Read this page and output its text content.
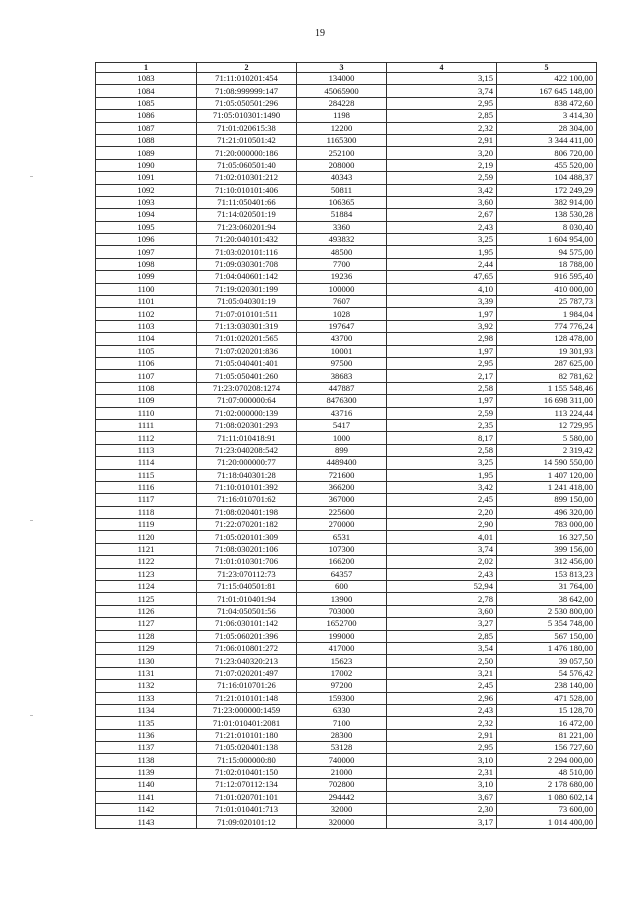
19
1	2	3	4	5
1083	71:11:010201:454	134000	3,15	422 100,00
1084	71:08:999999:147	45065900	3,74	167 645 148,00
1085	71:05:050501:296	284228	2,95	838 472,60
1086	71:05:010301:1490	1198	2,85	3 414,30
1087	71:01:020615:38	12200	2,32	28 304,00
1088	71:21:010501:42	1165300	2,91	3 344 411,00
1089	71:20:000000:186	252100	3,20	806 720,00
1090	71:05:060501:40	208000	2,19	455 520,00
1091	71:02:010301:212	40343	2,59	104 488,37
1092	71:10:010101:406	50811	3,42	172 249,29
1093	71:11:050401:66	106365	3,60	382 914,00
1094	71:14:020501:19	51884	2,67	138 530,28
1095	71:23:060201:94	3360	2,43	8 030,40
1096	71:20:040101:432	493832	3,25	1 604 954,00
1097	71:03:020101:116	48500	1,95	94 575,00
1098	71:09:030301:708	7700	2,44	18 788,00
1099	71:04:040601:142	19236	47,65	916 595,40
1100	71:19:020301:199	100000	4,10	410 000,00
1101	71:05:040301:19	7607	3,39	25 787,73
1102	71:07:010101:511	1028	1,97	1 984,04
1103	71:13:030301:319	197647	3,92	774 776,24
1104	71:01:020201:565	43700	2,98	128 478,00
1105	71:07:020201:836	10001	1,97	19 301,93
1106	71:05:040401:401	97500	2,95	287 625,00
1107	71:05:050401:260	38683	2,17	82 781,62
1108	71:23:070208:1274	447887	2,58	1 155 548,46
1109	71:07:000000:64	8476300	1,97	16 698 311,00
1110	71:02:000000:139	43716	2,59	113 224,44
1111	71:08:020301:293	5417	2,35	12 729,95
1112	71:11:010418:91	1000	8,17	5 580,00
1113	71:23:040208:542	899	2,58	2 319,42
1114	71:20:000000:77	4489400	3,25	14 590 550,00
1115	71:18:040301:28	721600	1,95	1 407 120,00
1116	71:10:010101:392	366200	3,42	1 241 418,00
1117	71:16:010701:62	367000	2,45	899 150,00
1118	71:08:020401:198	225600	2,20	496 320,00
1119	71:22:070201:182	270000	2,90	783 000,00
1120	71:05:020101:309	6531	4,01	16 327,50
1121	71:08:030201:106	107300	3,74	399 156,00
1122	71:01:010301:706	166200	2,02	312 456,00
1123	71:23:070112:73	64357	2,43	153 813,23
1124	71:15:040501:81	600	52,94	31 764,00
1125	71:01:010401:94	13900	2,78	38 642,00
1126	71:04:050501:56	703000	3,60	2 530 800,00
1127	71:06:030101:142	1652700	3,27	5 354 748,00
1128	71:05:060201:396	199000	2,85	567 150,00
1129	71:06:010801:272	417000	3,54	1 476 180,00
1130	71:23:040320:213	15623	2,50	39 057,50
1131	71:07:020201:497	17002	3,21	54 576,42
1132	71:16:010701:26	97200	2,45	238 140,00
1133	71:21:010101:148	159300	2,96	471 528,00
1134	71:23:000000:1459	6330	2,43	15 128,70
1135	71:01:010401:2081	7100	2,32	16 472,00
1136	71:21:010101:180	28300	2,91	81 221,00
1137	71:05:020401:138	53128	2,95	156 727,60
1138	71:15:000000:80	740000	3,10	2 294 000,00
1139	71:02:010401:150	21000	2,31	48 510,00
1140	71:12:070112:134	702800	3,10	2 178 680,00
1141	71:01:020701:101	294442	3,67	1 080 602,14
1142	71:01:010401:713	32000	2,30	73 600,00
1143	71:09:020101:12	320000	3,17	1 014 400,00
